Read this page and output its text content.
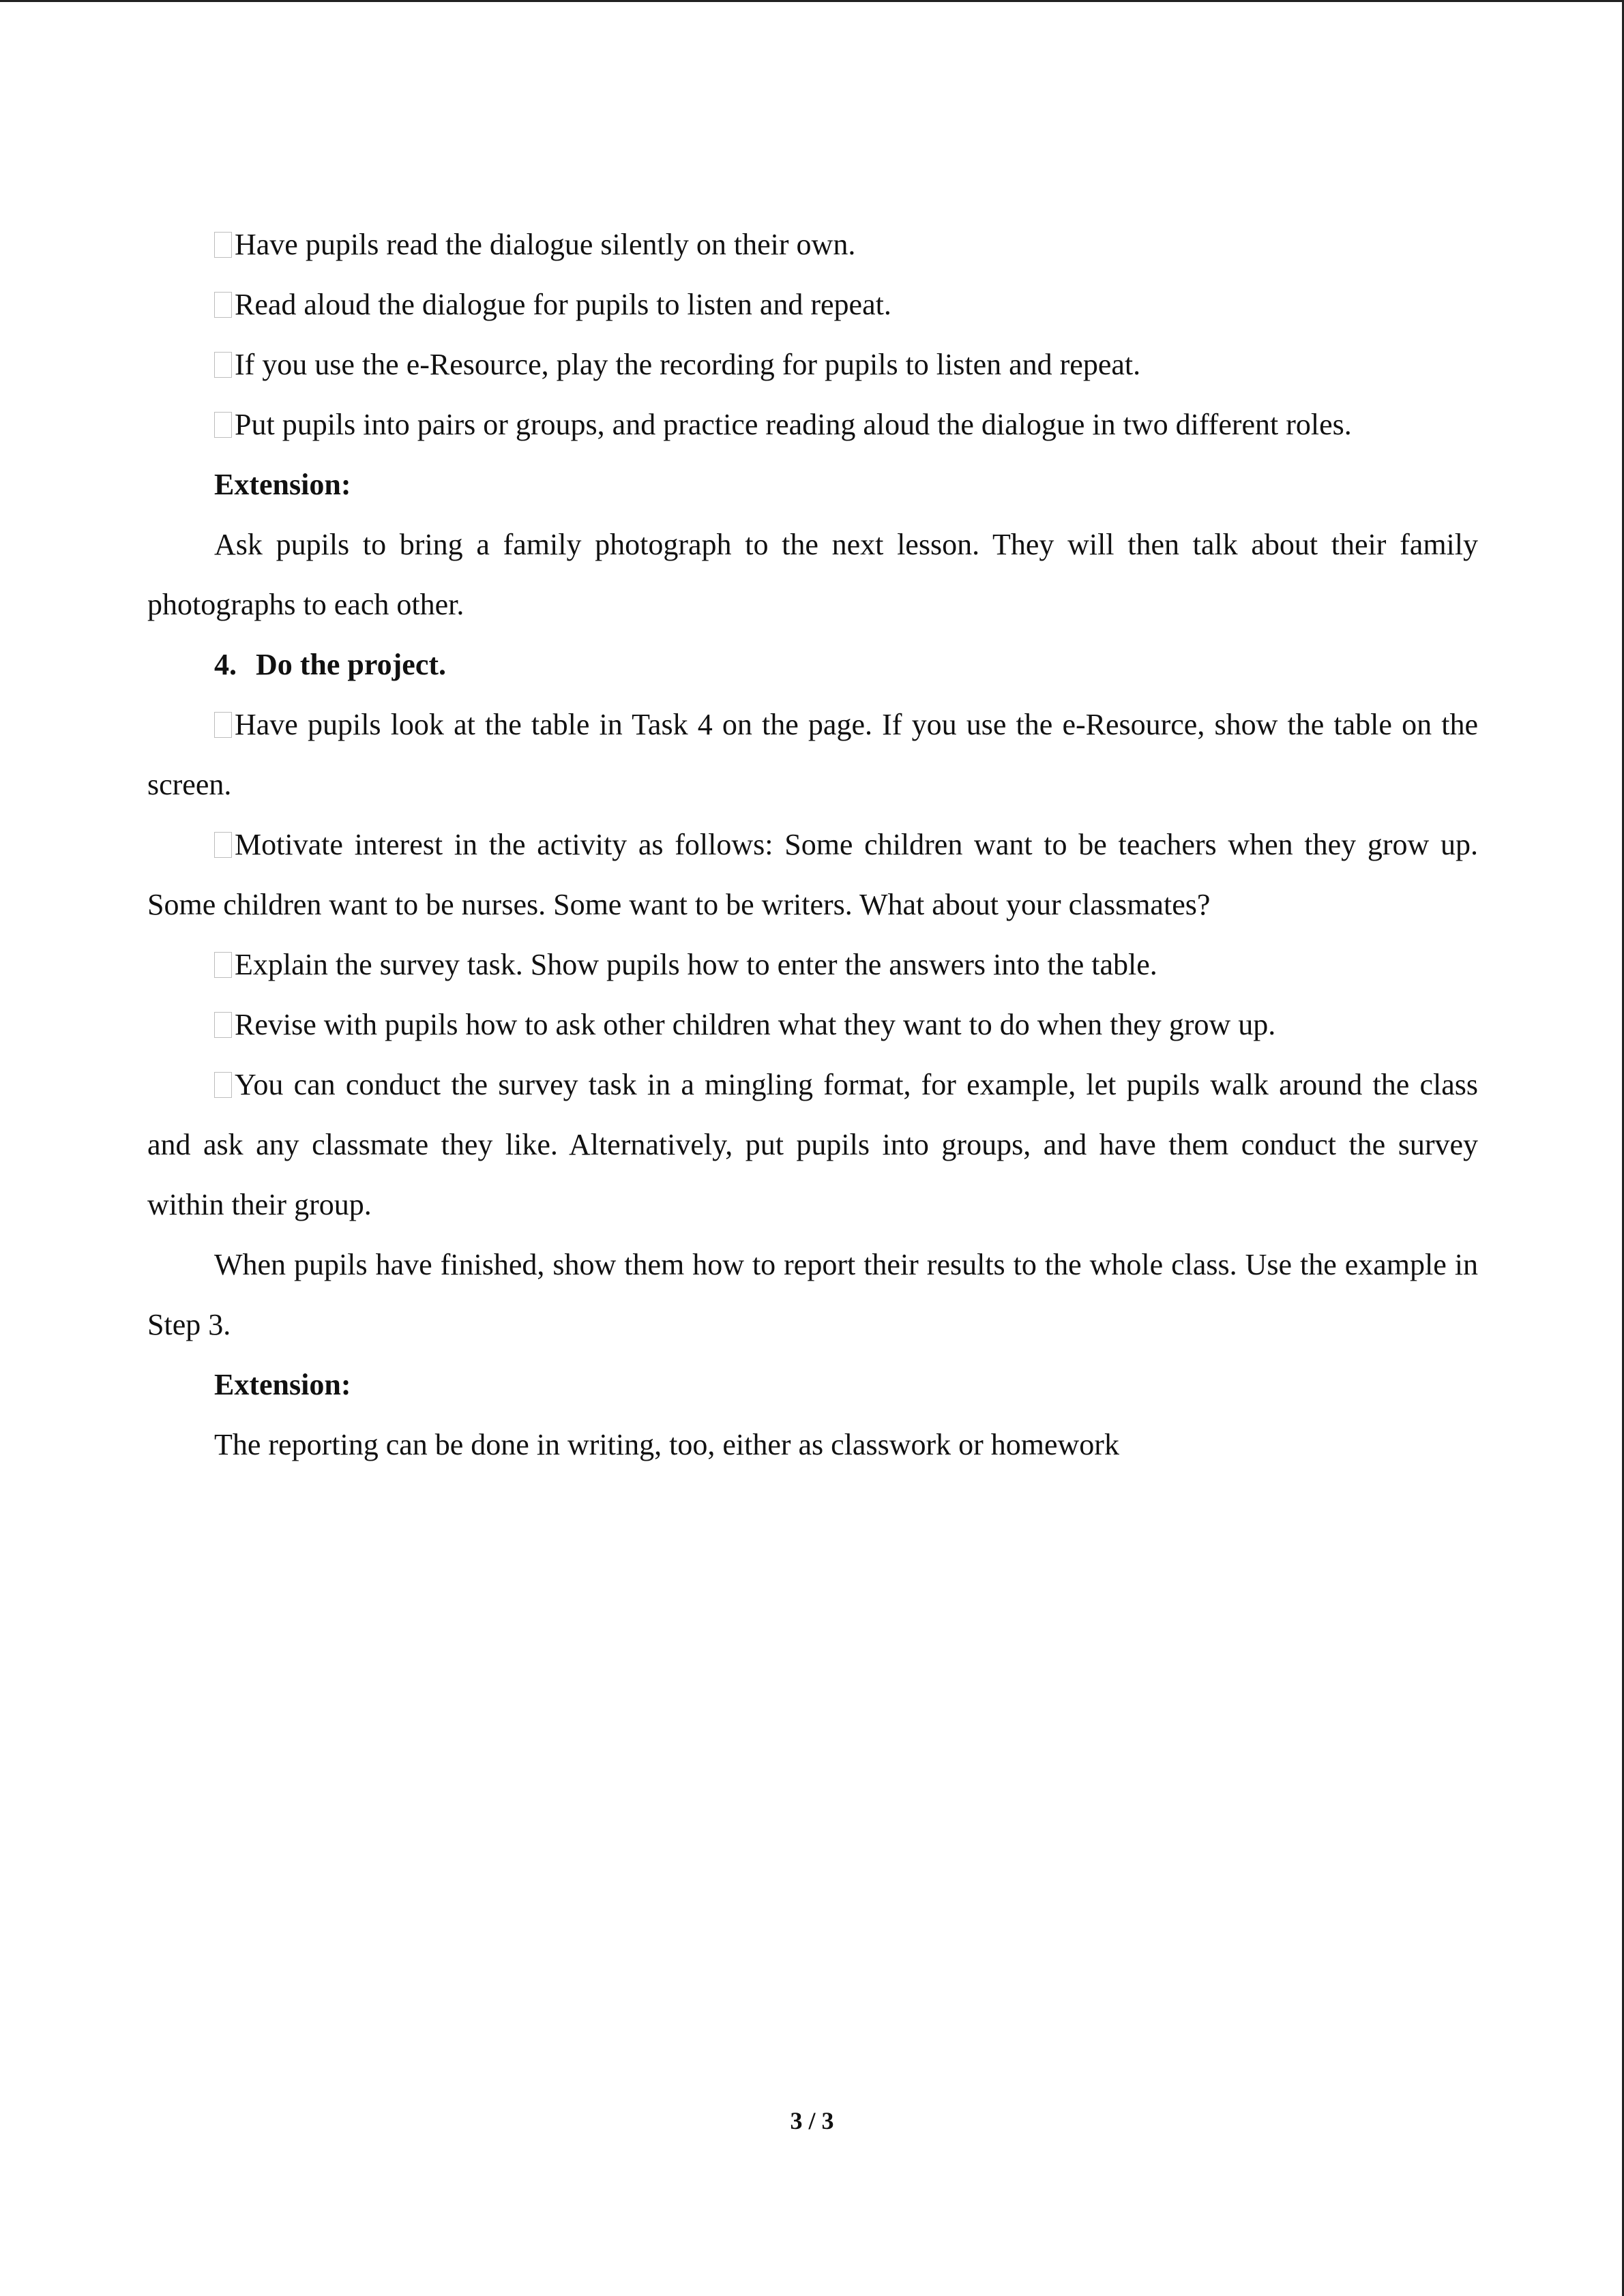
Have pupils read the dialogue silently on their own.

Read aloud the dialogue for pupils to listen and repeat.

If you use the e-Resource, play the recording for pupils to listen and repeat.

Put pupils into pairs or groups, and practice reading aloud the dialogue in two different roles.

Extension:

Ask pupils to bring a family photograph to the next lesson. They will then talk about their family photographs to each other.

4. Do the project.

Have pupils look at the table in Task 4 on the page. If you use the e-Resource, show the table on the screen.

Motivate interest in the activity as follows: Some children want to be teachers when they grow up. Some children want to be nurses. Some want to be writers. What about your classmates?

Explain the survey task. Show pupils how to enter the answers into the table.

Revise with pupils how to ask other children what they want to do when they grow up.

You can conduct the survey task in a mingling format, for example, let pupils walk around the class and ask any classmate they like. Alternatively, put pupils into groups, and have them conduct the survey within their group.

When pupils have finished, show them how to report their results to the whole class. Use the example in Step 3.

Extension:

The reporting can be done in writing, too, either as classwork or homework

3 / 3
